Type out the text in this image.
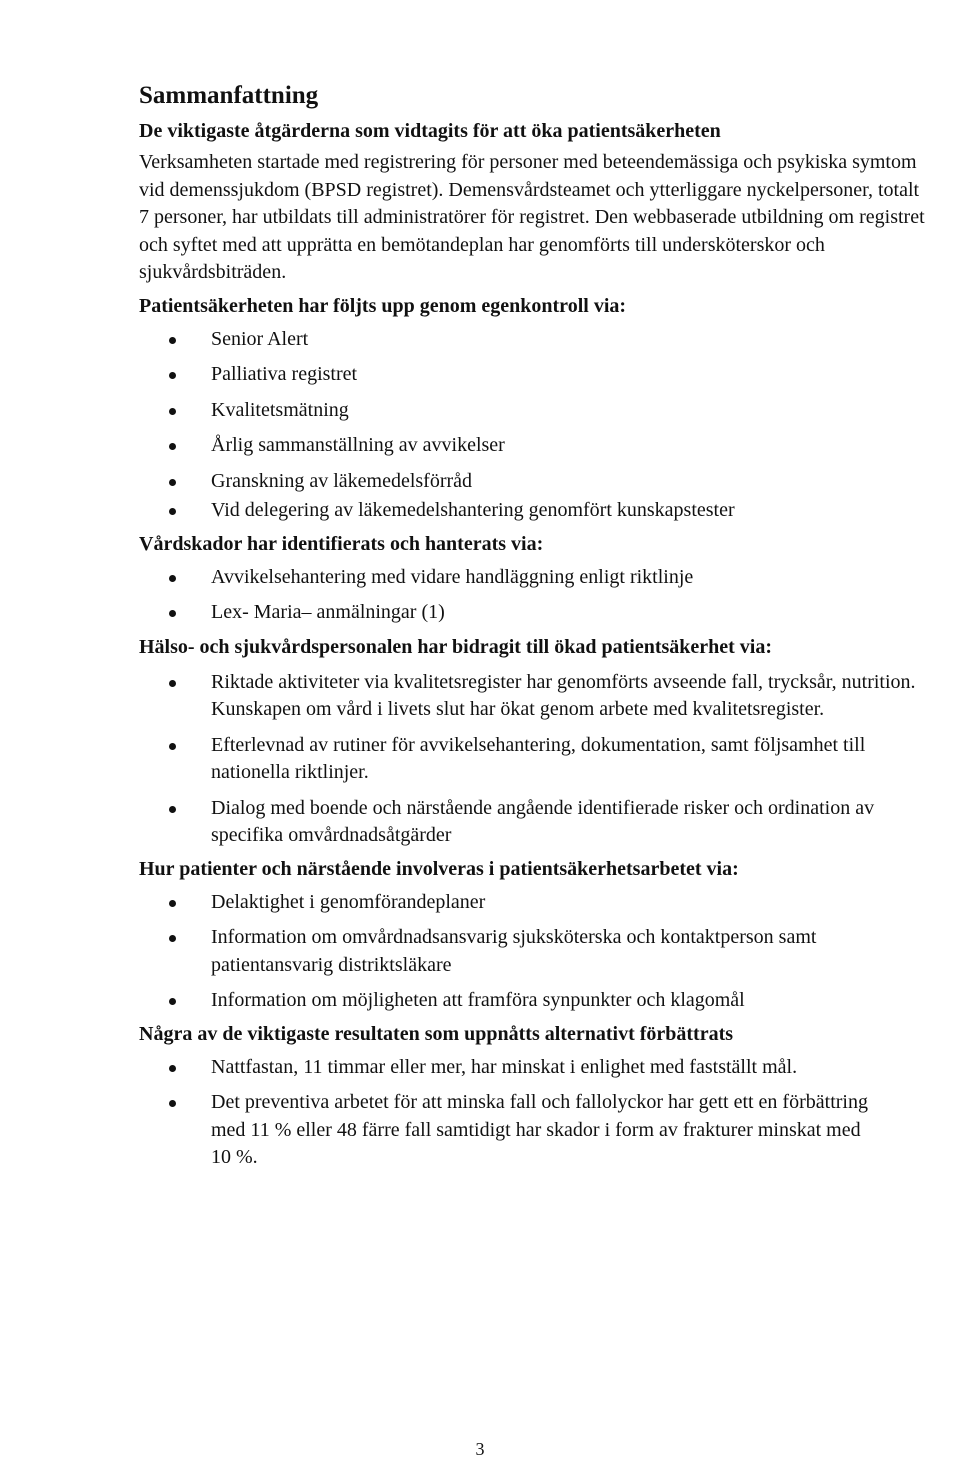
Sammanfattning
De viktigaste åtgärderna som vidtagits för att öka patientsäkerheten

Verksamheten startade med registrering för personer med beteendemässiga och psykiska symtom vid demenssjukdom (BPSD registret). Demensvårdsteamet och ytterliggare nyckelpersoner, totalt 7 personer, har utbildats till administratörer för registret. Den webbaserade utbildning om registret och syftet med att upprätta en bemötandeplan har genomförts till undersköterskor och sjukvårdsbiträden.

Patientsäkerheten har följts upp genom egenkontroll via:
Senior Alert
Palliativa registret
Kvalitetsmätning
Årlig sammanställning av avvikelser
Granskning av läkemedelsförråd
Vid delegering av läkemedelshantering genomfört kunskapstester
Vårdskador har identifierats och hanterats via:
Avvikelsehantering med vidare handläggning enligt riktlinje
Lex- Maria– anmälningar (1)
Hälso- och sjukvårdspersonalen har bidragit till ökad patientsäkerhet via:
Riktade aktiviteter via kvalitetsregister har genomförts avseende fall, trycksår, nutrition. Kunskapen om vård i livets slut har ökat genom arbete med kvalitetsregister.
Efterlevnad av rutiner för avvikelsehantering, dokumentation, samt följsamhet till nationella riktlinjer.
Dialog med boende och närstående angående identifierade risker och ordination av specifika omvårdnadsåtgärder
Hur patienter och närstående involveras i patientsäkerhetsarbetet via:
Delaktighet i genomförandeplaner
Information om omvårdnadsansvarig sjuksköterska och kontaktperson samt patientansvarig distriktsläkare
Information om möjligheten att framföra synpunkter och klagomål
Några av de viktigaste resultaten som uppnåtts alternativt förbättrats
Nattfastan, 11 timmar eller mer, har minskat i enlighet med fastställt mål.
Det preventiva arbetet för att minska fall och fallolyckor har gett ett en förbättring med 11 % eller 48 färre fall samtidigt har skador i form av frakturer minskat med 10 %.
3
